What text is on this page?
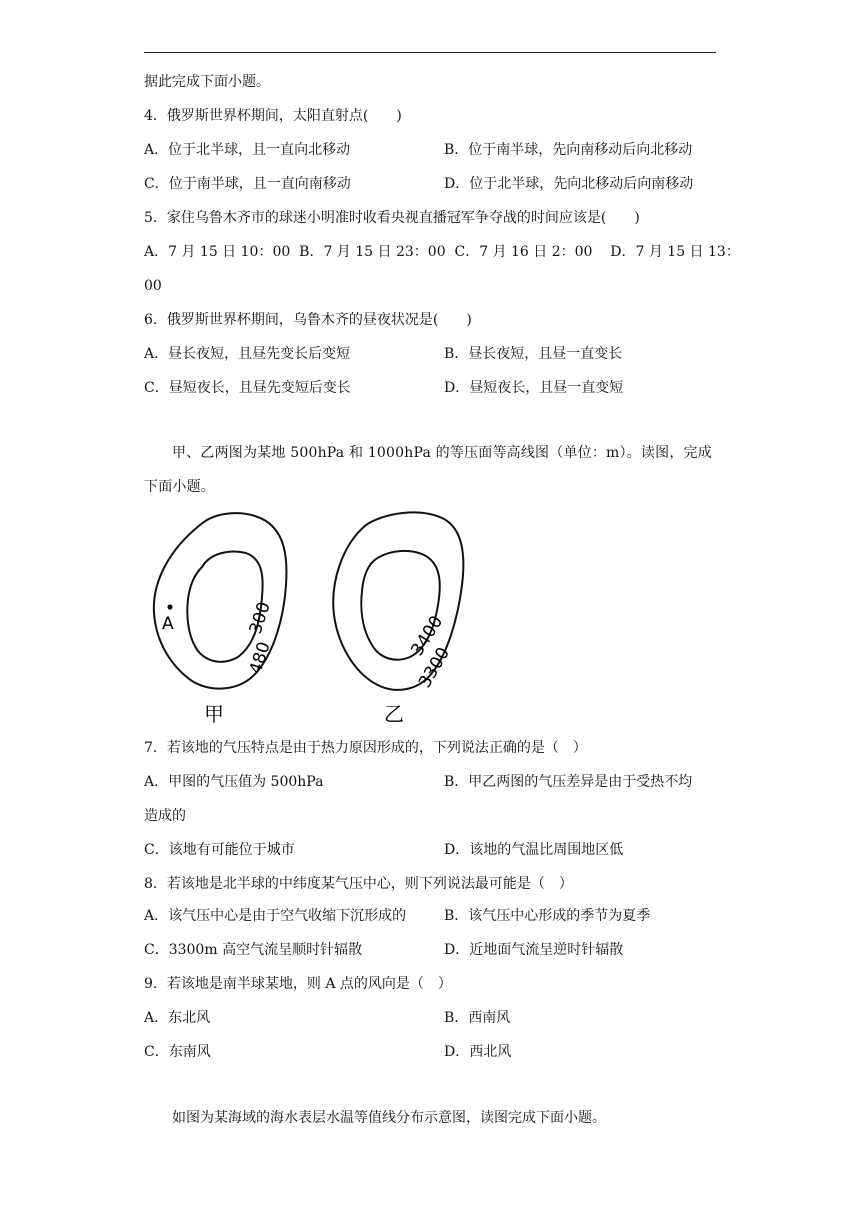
据此完成下面小题。
4．俄罗斯世界杯期间，太阳直射点(　　)
A．位于北半球，且一直向北移动	B．位于南半球，先向南移动后向北移动
C．位于南半球，且一直向南移动	D．位于北半球，先向北移动后向南移动
5．家住乌鲁木齐市的球迷小明准时收看央视直播冠军争夺战的时间应该是(　　)
A．7 月 15 日 10：00  B．7 月 15 日 23：00  C．7 月 16 日 2：00    D．7 月 15 日 13：
00
6．俄罗斯世界杯期间，乌鲁木齐的昼夜状况是(　　)
A．昼长夜短，且昼先变长后变短	B．昼长夜短，且昼一直变长
C．昼短夜长，且昼先变短后变长	D．昼短夜长，且昼一直变短
甲、乙两图为某地 500hPa 和 1000hPa 的等压面等高线图（单位：m）。读图，完成下面小题。
A	300
480
甲
3400
3300
乙
7．若该地的气压特点是由于热力原因形成的，下列说法正确的是（　）
A．甲图的气压值为 500hPa	B．甲乙两图的气压差异是由于受热不均
造成的
C．该地有可能位于城市	D．该地的气温比周围地区低
8．若该地是北半球的中纬度某气压中心，则下列说法最可能是（　）
A．该气压中心是由于空气收缩下沉形成的	B．该气压中心形成的季节为夏季
C．3300m 高空气流呈顺时针辐散	D．近地面气流呈逆时针辐散
9．若该地是南半球某地，则 A 点的风向是（　）
A．东北风	B．西南风
C．东南风	D．西北风
如图为某海域的海水表层水温等值线分布示意图，读图完成下面小题。
